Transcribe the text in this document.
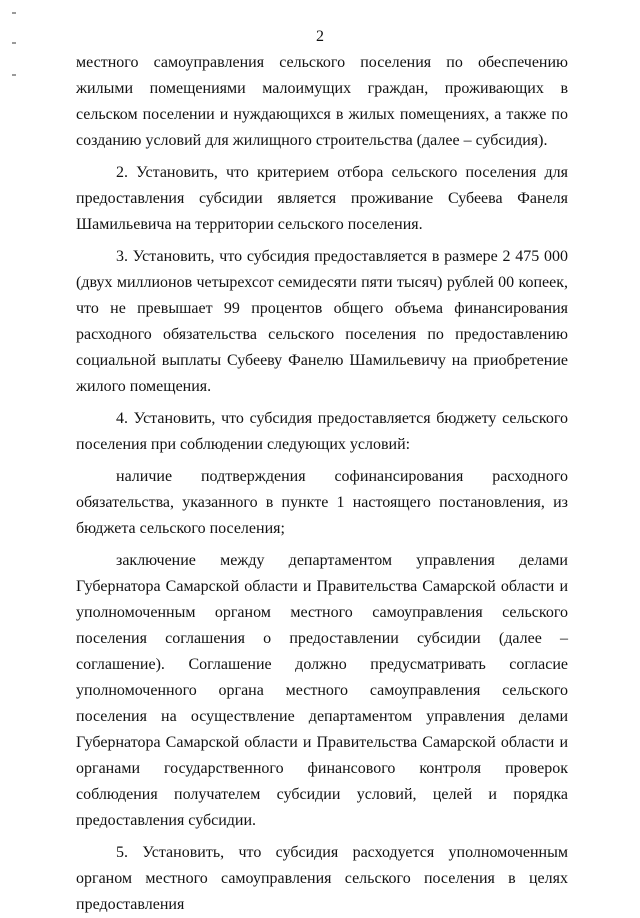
2

местного самоуправления сельского поселения по обеспечению жилыми помещениями малоимущих граждан, проживающих в сельском поселении и нуждающихся в жилых помещениях, а также по созданию условий для жилищного строительства (далее – субсидия).

2. Установить, что критерием отбора сельского поселения для предоставления субсидии является проживание Субеева Фанеля Шамильевича на территории сельского поселения.

3. Установить, что субсидия предоставляется в размере 2 475 000 (двух миллионов четырехсот семидесяти пяти тысяч) рублей 00 копеек, что не превышает 99 процентов общего объема финансирования расходного обязательства сельского поселения по предоставлению социальной выплаты Субееву Фанелю Шамильевичу на приобретение жилого помещения.

4. Установить, что субсидия предоставляется бюджету сельского поселения при соблюдении следующих условий:

наличие подтверждения софинансирования расходного обязательства, указанного в пункте 1 настоящего постановления, из бюджета сельского поселения;

заключение между департаментом управления делами Губернатора Самарской области и Правительства Самарской области и уполномоченным органом местного самоуправления сельского поселения соглашения о предоставлении субсидии (далее – соглашение). Соглашение должно предусматривать согласие уполномоченного органа местного самоуправления сельского поселения на осуществление департаментом управления делами Губернатора Самарской области и Правительства Самарской области и органами государственного финансового контроля проверок соблюдения получателем субсидии условий, целей и порядка предоставления субсидии.

5. Установить, что субсидия расходуется уполномоченным органом местного самоуправления сельского поселения в целях предоставления
